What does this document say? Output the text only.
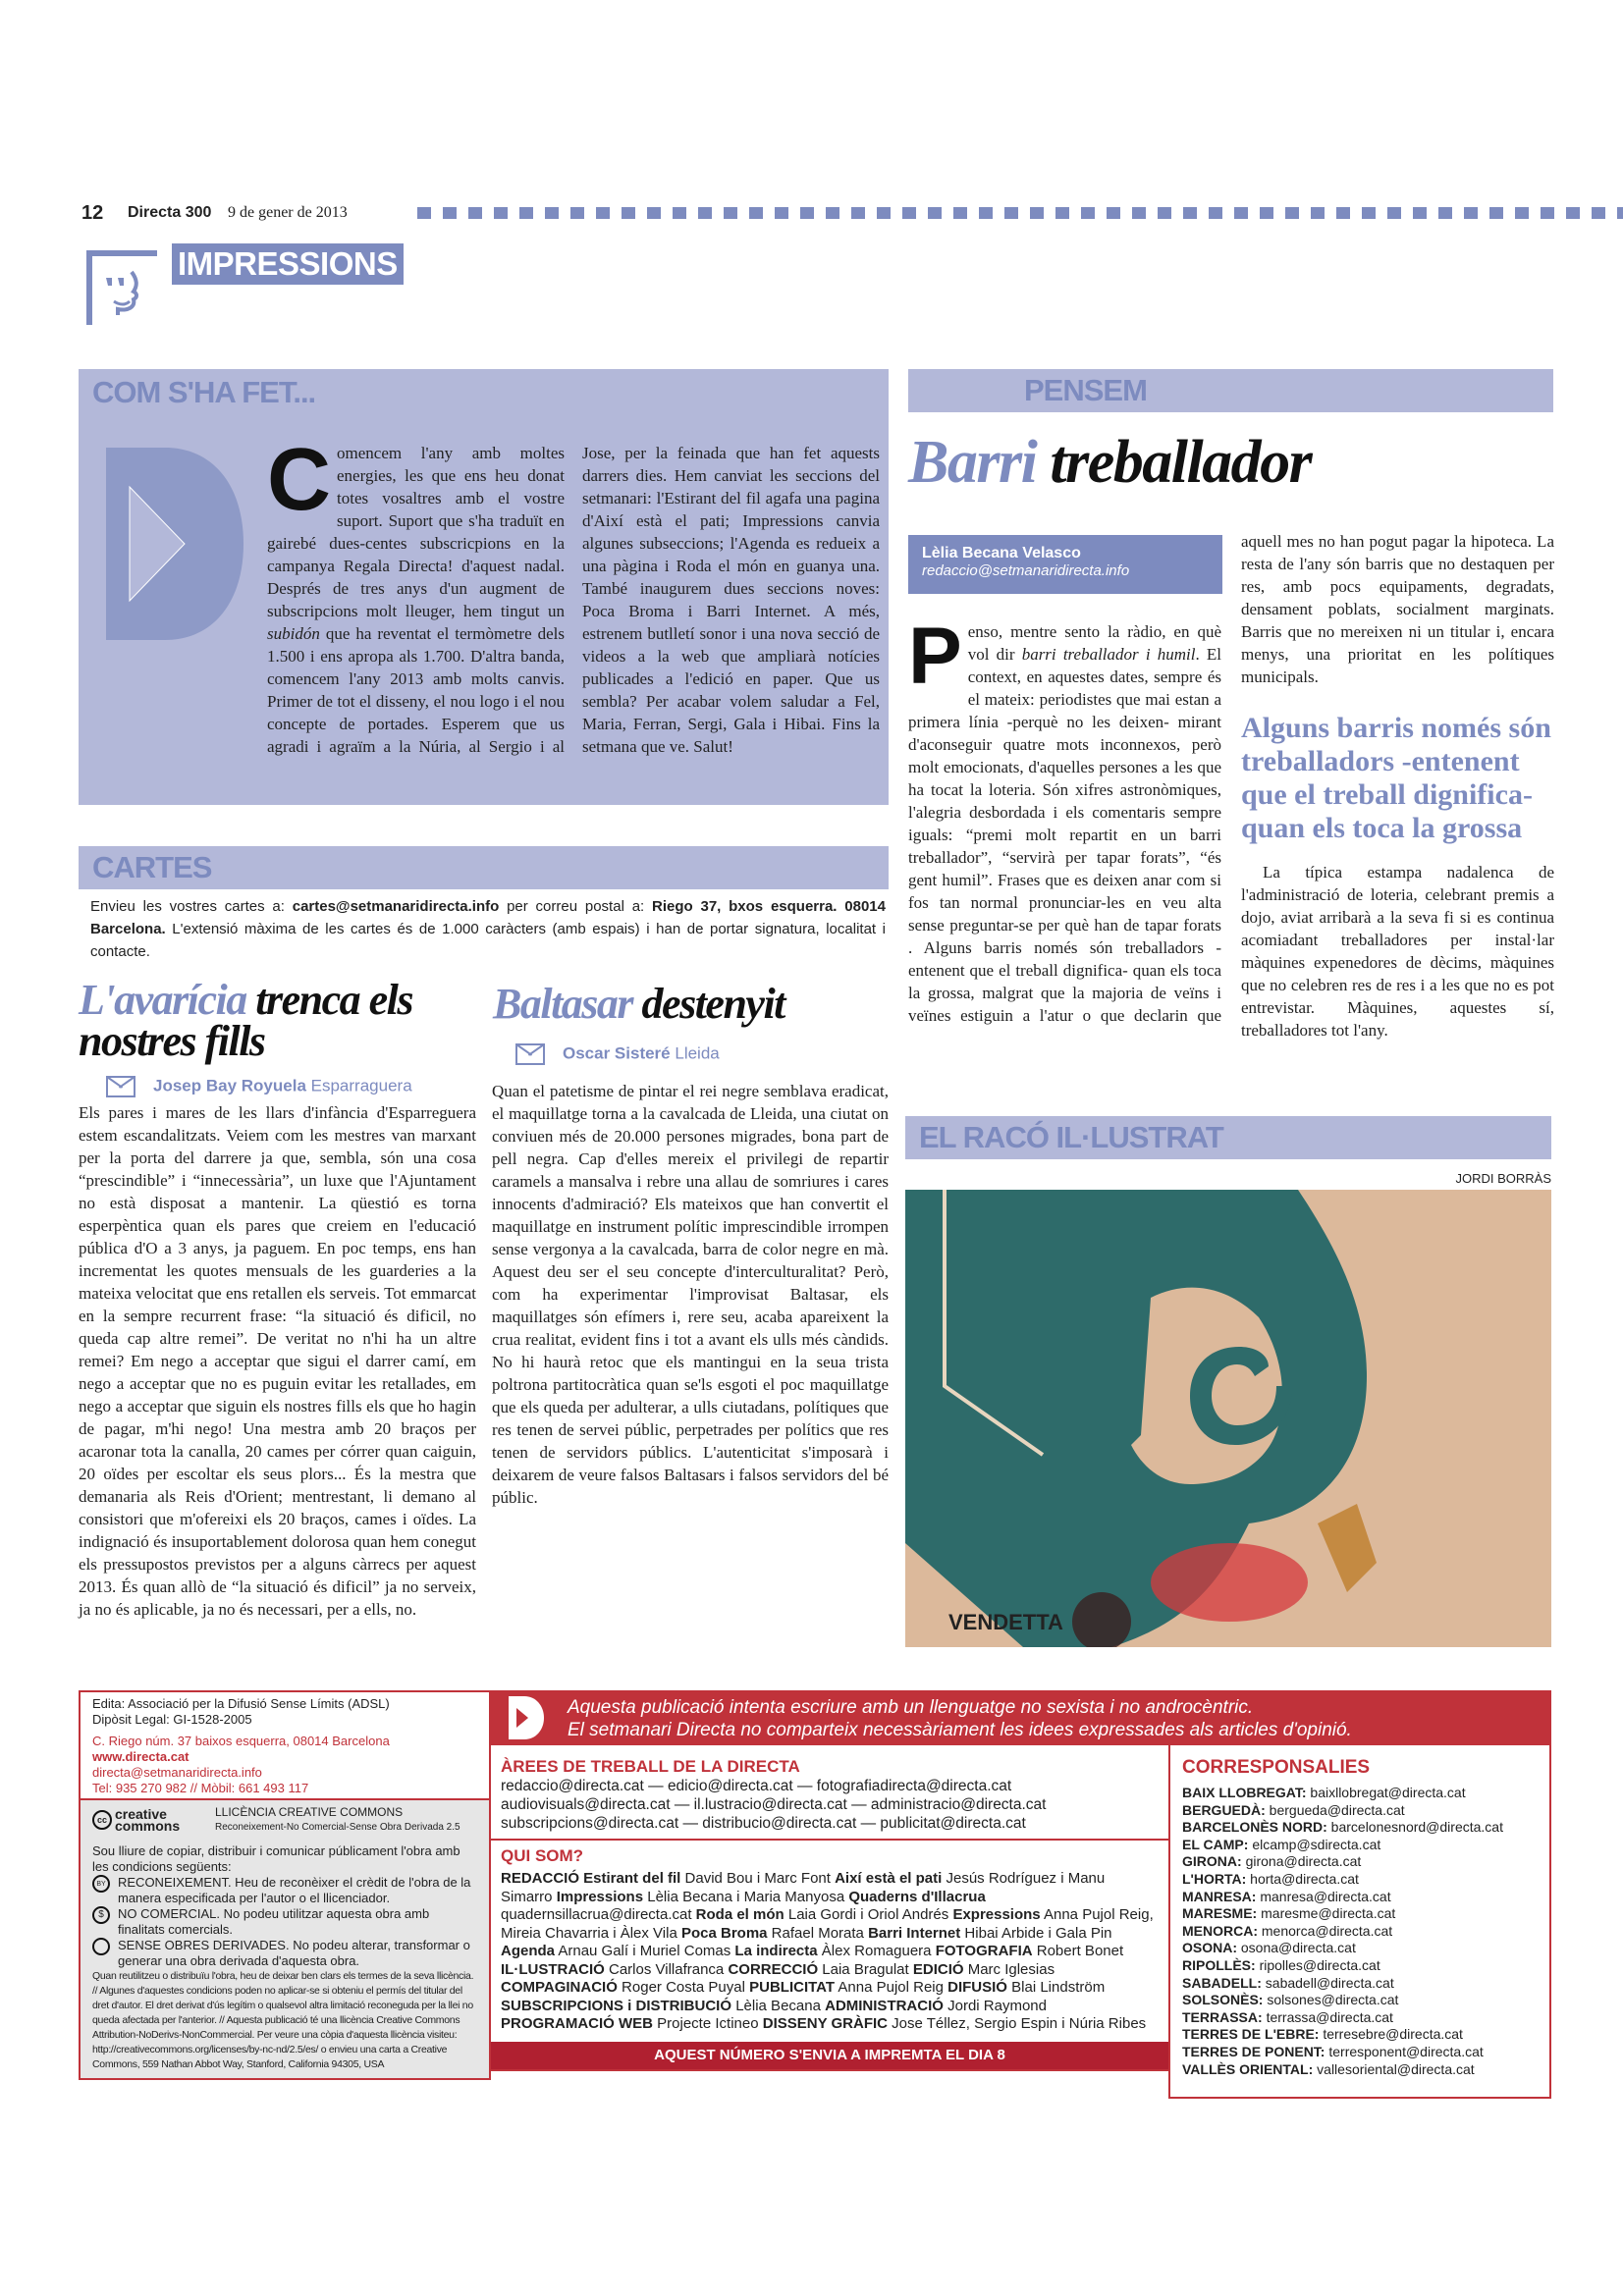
12 Directa 300 9 de gener de 2013
IMPRESSIONS
COM S'HA FET...
Comencem l'any amb moltes energies, les que ens heu donat totes vosaltres amb el vostre suport. Suport que s'ha traduït en gairebé dues-centes subscricpions en la campanya Regala Directa! d'aquest nadal. Després de tres anys d'un augment de subscripcions molt lleuger, hem tingut un subidón que ha reventat el termòmetre dels 1.500 i ens apropa als 1.700. D'altra banda, comencem l'any 2013 amb molts canvis. Primer de tot el disseny, el nou logo i el nou concepte de portades. Esperem que us agradi i agraïm a la Núria, al Sergio i al Jose, per la feinada que han fet aquests darrers dies. Hem canviat les seccions del setmanari: l'Estirant del fil agafa una pagina d'Així està el pati; Impressions canvia algunes subseccions; l'Agenda es redueix a una pàgina i Roda el món en guanya una. També inaugurem dues seccions noves: Poca Broma i Barri Internet. A més, estrenem butlletí sonor i una nova secció de videos a la web que ampliarà notícies publicades a l'edició en paper. Que us sembla? Per acabar volem saludar a Fel, Maria, Ferran, Sergi, Gala i Hibai. Fins la setmana que ve. Salut!
PENSEM
Barri treballador
Penso, mentre sento la ràdio, en què vol dir barri treballador i humil. El context, en aquestes dates, sempre és el mateix: periodistes que mai estan a primera línia -perquè no les deixen- mirant d'aconseguir quatre mots inconnexos, però molt emocionats, d'aquelles persones a les que ha tocat la loteria. Són xifres astronòmiques, l'alegria desbordada i els comentaris sempre iguals: “premi molt repartit en un barri treballador”, “servirà per tapar forats”, “és gent humil”. Frases que es deixen anar com si fos tan normal pronunciar-les en veu alta sense preguntar-se per què han de tapar forats . Alguns barris només són treballadors -entenent que el treball dignifica- quan els toca la grossa, malgrat que la majoria de veïns i veïnes estiguin a l'atur o que declarin que aquell mes no han pogut pagar la hipoteca. La resta de l'any són barris que no destaquen per res, amb pocs equipaments, degradats, densament poblats, socialment marginats. Barris que no mereixen ni un titular i, encara menys, una prioritat en les polítiques municipals.
Alguns barris només són treballadors -entenent que el treball dignifica- quan els toca la grossa
La típica estampa nadalenca de l'administració de loteria, celebrant premis a dojo, aviat arribarà a la seva fi si es continua acomiadant treballadores per instal·lar màquines expenedores de dècims, màquines que no celebren res de res i a les que no es pot entrevistar. Màquines, aquestes sí, treballadores tot l'any.
Lèlia Becana Velasco
redaccio@setmanaridirecta.info
CARTES
Envieu les vostres cartes a: cartes@setmanaridirecta.info per correu postal a: Riego 37, bxos esquerra. 08014 Barcelona. L'extensió màxima de les cartes és de 1.000 caràcters (amb espais) i han de portar signatura, localitat i contacte.
L'avarícia trenca els nostres fills
Josep Bay Royuela Esparraguera
Els pares i mares de les llars d'infància d'Esparreguera estem escandalitzats. Veiem com les mestres van marxant per la porta del darrere ja que, sembla, són una cosa “prescindible” i “innecessària”, un luxe que l'Ajuntament no està disposat a mantenir. La qüestió es torna esperpèntica quan els pares que creiem en l'educació pública d'O a 3 anys, ja paguem. En poc temps, ens han incrementat les quotes mensuals de les guarderies a la mateixa velocitat que ens retallen els serveis. Tot emmarcat en la sempre recurrent frase: “la situació és dificil, no queda cap altre remei”. De veritat no n'hi ha un altre remei? Em nego a acceptar que sigui el darrer camí, em nego a acceptar que no es puguin evitar les retallades, em nego a acceptar que siguin els nostres fills els que ho hagin de pagar, m'hi nego! Una mestra amb 20 braços per acaronar tota la canalla, 20 cames per córrer quan caiguin, 20 oïdes per escoltar els seus plors... És la mestra que demanaria als Reis d'Orient; mentrestant, li demano al consistori que m'ofereixi els 20 braços, cames i oïdes. La indignació és insuportablement dolorosa quan hem conegut els pressupostos previstos per a alguns càrrecs per aquest 2013. És quan allò de “la situació és dificil” ja no serveix, ja no és aplicable, ja no és necessari, per a ells, no.
Baltasar destenyit
Oscar Sisteré Lleida
Quan el patetisme de pintar el rei negre semblava eradicat, el maquillatge torna a la cavalcada de Lleida, una ciutat on conviuen més de 20.000 persones migrades, bona part de pell negra. Cap d'elles mereix el privilegi de repartir caramels a mansalva i rebre una allau de somriures i cares innocents d'admiració? Els mateixos que han convertit el maquillatge en instrument polític imprescindible irrompen sense vergonya a la cavalcada, barra de color negre en mà. Aquest deu ser el seu concepte d'interculturalitat? Però, com ha experimentar l'improvisat Baltasar, els maquillatges són efímers i, rere seu, acaba apareixent la crua realitat, evident fins i tot a avant els ulls més càndids. No hi haurà retoc que els mantingui en la seua trista poltrona partitocràtica quan se'ls esgoti el poc maquillatge que els queda per adulterar, a ulls ciutadans, polítiques que res tenen de servei públic, perpetrades per polítics que res tenen de servidors públics. L'autenticitat s'imposarà i deixarem de veure falsos Baltasars i falsos servidors del bé públic.
EL RACÓ IL·LUSTRAT
JORDI BORRÀS
VENDETTA
Edita: Associació per la Difusió Sense Límits (ADSL)
Dipòsit Legal: GI-1528-2005
C. Riego núm. 37 baixos esquerra, 08014 Barcelona
www.directa.cat
directa@setmanaridirecta.info
Tel: 935 270 982 // Mòbil: 661 493 117
cc creative commons
LLICÈNCIA CREATIVE COMMONS
Reconeixement-No Comercial-Sense Obra Derivada 2.5
Sou lliure de copiar, distribuir i comunicar públicament l'obra amb les condicions següents:
BY RECONEIXEMENT. Heu de reconèixer el crèdit de l'obra de la manera especificada per l'autor o el llicenciador.
$	NO COMERCIAL. No podeu utilitzar aquesta obra amb finalitats comercials.
SENSE OBRES DERIVADES. No podeu alterar, transformar o generar una obra derivada d'aquesta obra.
Quan reutilitzeu o distribuïu l'obra, heu de deixar ben clars els termes de la seva llicència. // Algunes d'aquestes condicions poden no aplicar-se si obteniu el permís del titular del dret d'autor. El dret derivat d'ús legítim o qualsevol altra limitació reconeguda per la llei no queda afectada per l'anterior. // Aquesta publicació té una llicència Creative Commons Attribution-NoDerivs-NonCommercial. Per veure una còpia d'aquesta llicència visiteu: http://creativecommons.org/licenses/by-nc-nd/2.5/es/ o envieu una carta a Creative Commons, 559 Nathan Abbot Way, Stanford, California 94305, USA
Aquesta publicació intenta escriure amb un llenguatge no sexista i no androcèntric.
El setmanari Directa no comparteix necessàriament les idees expressades als articles d'opinió.
ÀREES DE TREBALL DE LA DIRECTA
redaccio@directa.cat — edicio@directa.cat — fotografiadirecta@directa.cat
audiovisuals@directa.cat — il.lustracio@directa.cat — administracio@directa.cat
subscripcions@directa.cat — distribucio@directa.cat — publicitat@directa.cat
QUI SOM?
REDACCIÓ Estirant del fil David Bou i Marc Font Així està el pati Jesús Rodríguez i Manu Simarro Impressions Lèlia Becana i Maria Manyosa Quaderns d'Illacrua quadernsillacrua@directa.cat Roda el món Laia Gordi i Oriol Andrés Expressions Anna Pujol Reig, Mireia Chavarria i Àlex Vila Poca Broma Rafael Morata Barri Internet Hibai Arbide i Gala Pin Agenda Arnau Galí i Muriel Comas La indirecta Àlex Romaguera FOTOGRAFIA Robert Bonet IL·LUSTRACIÓ Carlos Villafranca CORRECCIÓ Laia Bragulat EDICIÓ Marc Iglesias COMPAGINACIÓ Roger Costa Puyal PUBLICITAT Anna Pujol Reig DIFUSIÓ Blai Lindström SUBSCRIPCIONS i DISTRIBUCIÓ Lèlia Becana ADMINISTRACIÓ Jordi Raymond PROGRAMACIÓ WEB Projecte Ictineo DISSENY GRÀFIC Jose Téllez, Sergio Espin i Núria Ribes
AQUEST NÚMERO S'ENVIA A IMPREMTA EL DIA 8
CORRESPONSALIES
BAIX LLOBREGAT: baixllobregat@directa.cat
BERGUEDÀ: bergueda@directa.cat
BARCELONÈS NORD: barcelonesnord@directa.cat
EL CAMP: elcamp@sdirecta.cat
GIRONA: girona@directa.cat
L'HORTA: horta@directa.cat
MANRESA: manresa@directa.cat
MARESME: maresme@directa.cat
MENORCA: menorca@directa.cat
OSONA: osona@directa.cat
RIPOLLÈS: ripolles@directa.cat
SABADELL: sabadell@directa.cat
SOLSONÈS: solsones@directa.cat
TERRASSA: terrassa@directa.cat
TERRES DE L'EBRE: terresebre@directa.cat
TERRES DE PONENT: terresponent@directa.cat
VALLÈS ORIENTAL: vallesoriental@directa.cat
